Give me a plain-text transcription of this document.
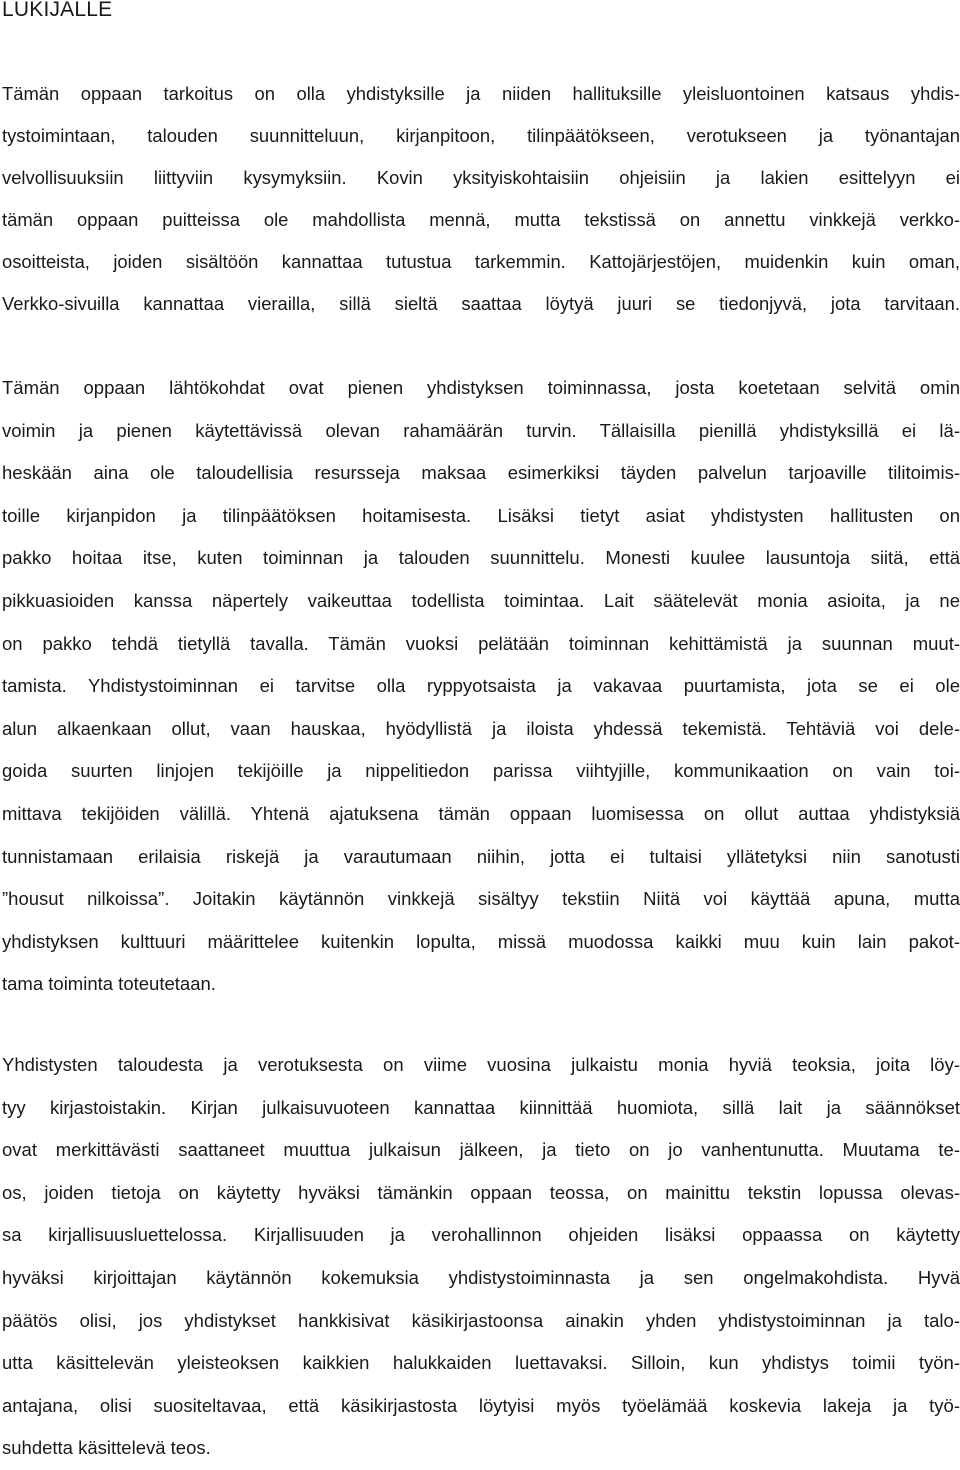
LUKIJALLE
Tämän oppaan tarkoitus on olla yhdistyksille ja niiden hallituksille yleisluontoinen katsaus yhdis-
tystoimintaan, talouden suunnitteluun, kirjanpitoon, tilinpäätökseen, verotukseen ja työnantajan
velvollisuuksiin liittyviin kysymyksiin. Kovin yksityiskohtaisiin ohjeisiin ja lakien esittelyyn ei
tämän oppaan puitteissa ole mahdollista mennä, mutta tekstissä on annettu vinkkejä verkko-
osoitteista, joiden sisältöön kannattaa tutustua tarkemmin. Kattojärjestöjen, muidenkin kuin oman,
Verkko-sivuilla kannattaa vierailla, sillä sieltä saattaa löytyä juuri se tiedonjyvä, jota tarvitaan.
Tämän oppaan lähtökohdat ovat pienen yhdistyksen toiminnassa, josta koetetaan selvitä omin
voimin ja pienen käytettävissä olevan rahamäärän turvin. Tällaisilla pienillä yhdistyksillä ei lä-
heskään aina ole taloudellisia resursseja maksaa esimerkiksi täyden palvelun tarjoaville tilitoimis-
toille kirjanpidon ja tilinpäätöksen hoitamisesta. Lisäksi tietyt asiat yhdistysten hallitusten on
pakko hoitaa itse, kuten toiminnan ja talouden suunnittelu. Monesti kuulee lausuntoja siitä, että
pikkuasioiden kanssa näpertely vaikeuttaa todellista toimintaa. Lait säätelevät monia asioita, ja ne
on pakko tehdä tietyllä tavalla. Tämän vuoksi pelätään toiminnan kehittämistä ja suunnan muut-
tamista. Yhdistystoiminnan ei tarvitse olla ryppyotsaista ja vakavaa puurtamista, jota se ei ole
alun alkaenkaan ollut, vaan hauskaa, hyödyllistä ja iloista yhdessä tekemistä. Tehtäviä voi dele-
goida suurten linjojen tekijöille ja nippelitiedon parissa viihtyjille, kommunikaation on vain toi-
mittava tekijöiden välillä. Yhtenä ajatuksena tämän oppaan luomisessa on ollut auttaa yhdistyksiä
tunnistamaan erilaisia riskejä ja varautumaan niihin, jotta ei tultaisi yllätetyksi niin sanotusti
”housut nilkoissa”. Joitakin käytännön vinkkejä sisältyy tekstiin Niitä voi käyttää apuna, mutta
yhdistyksen kulttuuri määrittelee kuitenkin lopulta, missä muodossa kaikki muu kuin lain pakot-
tama toiminta toteutetaan.
Yhdistysten taloudesta ja verotuksesta on viime vuosina julkaistu monia hyviä teoksia, joita löy-
tyy kirjastoistakin. Kirjan julkaisuvuoteen kannattaa kiinnittää huomiota, sillä lait ja säännökset
ovat merkittävästi saattaneet muuttua julkaisun jälkeen, ja tieto on jo vanhentunutta. Muutama te-
os, joiden tietoja on käytetty hyväksi tämänkin oppaan teossa, on mainittu tekstin lopussa olevas-
sa kirjallisuusluettelossa. Kirjallisuuden ja verohallinnon ohjeiden lisäksi oppaassa on käytetty
hyväksi kirjoittajan käytännön kokemuksia yhdistystoiminnasta ja sen ongelmakohdista. Hyvä
päätös olisi, jos yhdistykset hankkisivat käsikirjastoonsa ainakin yhden yhdistystoiminnan ja talo-
utta käsittelevän yleisteoksen kaikkien halukkaiden luettavaksi. Silloin, kun yhdistys toimii työn-
antajana, olisi suositeltavaa, että käsikirjastosta löytyisi myös työelämää koskevia lakeja ja työ-
suhdetta käsittelevä teos.
